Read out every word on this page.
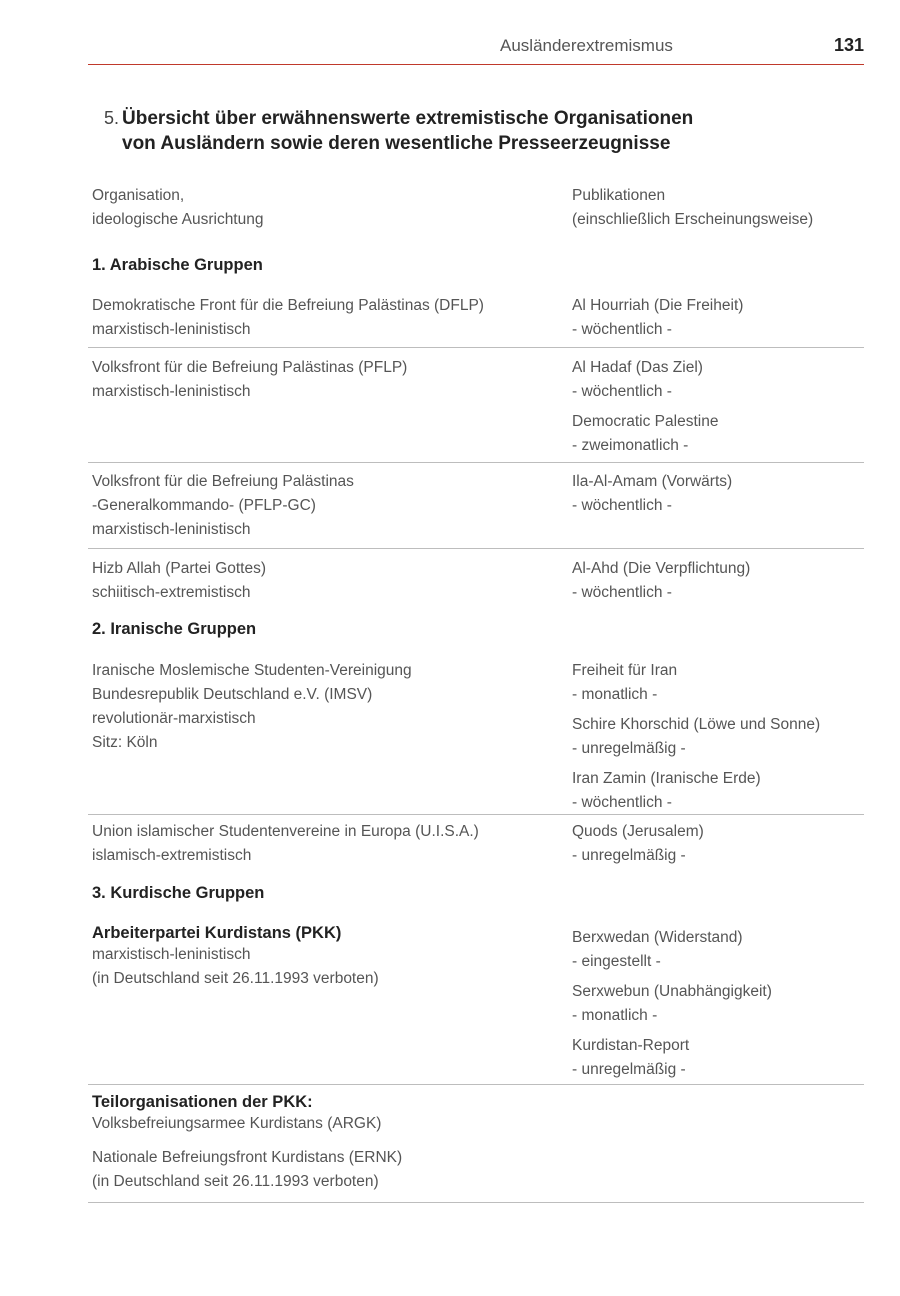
Ausländerextremismus	131
5. Übersicht über erwähnenswerte extremistische Organisationen
von Ausländern sowie deren wesentliche Presseerzeugnisse
Organisation,
ideologische Ausrichtung
Publikationen
(einschließlich Erscheinungsweise)
1. Arabische Gruppen
Demokratische Front für die Befreiung Palästinas (DFLP)
marxistisch-leninistisch
Al Hourriah (Die Freiheit)
- wöchentlich -
Volksfront für die Befreiung Palästinas (PFLP)
marxistisch-leninistisch
Al Hadaf (Das Ziel)
- wöchentlich -
Democratic Palestine
- zweimonatlich -
Volksfront für die Befreiung Palästinas
-Generalkommando- (PFLP-GC)
marxistisch-leninistisch
Ila-Al-Amam (Vorwärts)
- wöchentlich -
Hizb Allah (Partei Gottes)
schiitisch-extremistisch
Al-Ahd (Die Verpflichtung)
- wöchentlich -
2. Iranische Gruppen
Iranische Moslemische Studenten-Vereinigung
Bundesrepublik Deutschland e.V. (IMSV)
revolutionär-marxistisch
Sitz: Köln
Freiheit für Iran
- monatlich -
Schire Khorschid (Löwe und Sonne)
- unregelmäßig -
Iran Zamin (Iranische Erde)
- wöchentlich -
Union islamischer Studentenvereine in Europa (U.I.S.A.)
islamisch-extremistisch
Quods (Jerusalem)
- unregelmäßig -
3. Kurdische Gruppen
Arbeiterpartei Kurdistans (PKK)
marxistisch-leninistisch
(in Deutschland seit 26.11.1993 verboten)
Berxwedan (Widerstand)
- eingestellt -
Serxwebun (Unabhängigkeit)
- monatlich -
Kurdistan-Report
- unregelmäßig -
Teilorganisationen der PKK:
Volksbefreiungsarmee Kurdistans (ARGK)
Nationale Befreiungsfront Kurdistans (ERNK)
(in Deutschland seit 26.11.1993 verboten)
